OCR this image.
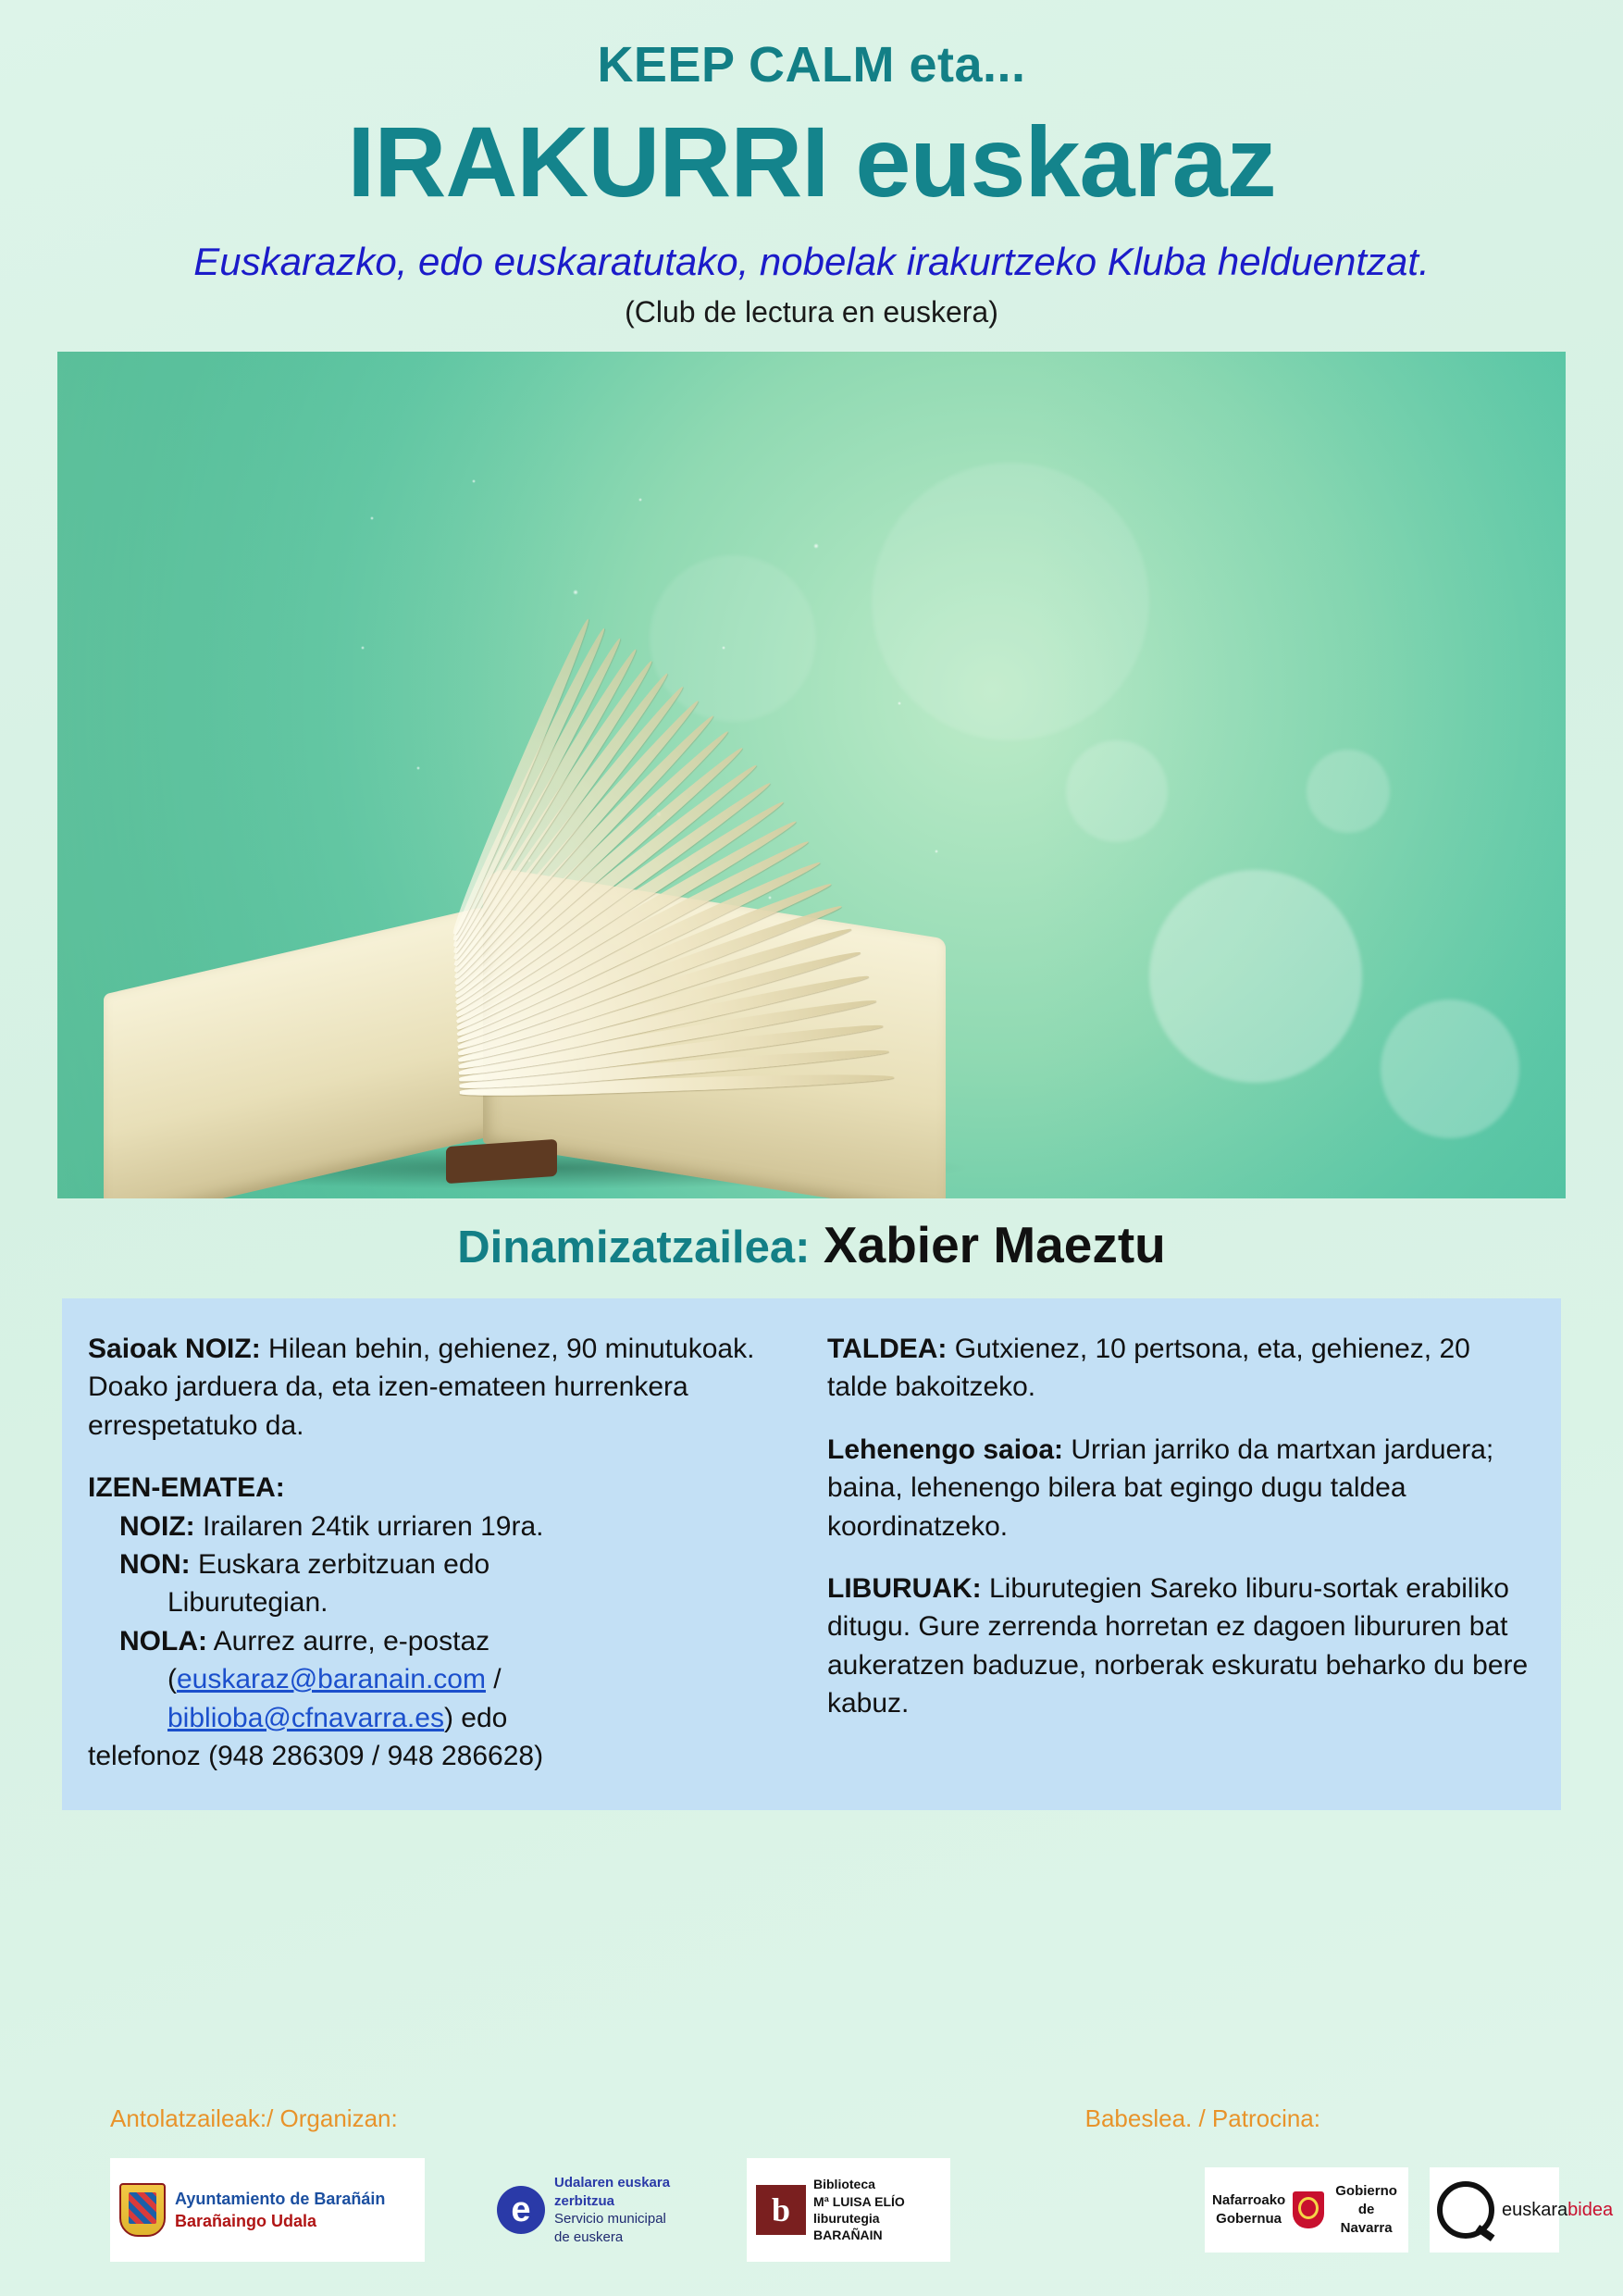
KEEP CALM eta...
IRAKURRI euskaraz
Euskarazko, edo euskaratutako, nobelak irakurtzeko Kluba helduentzat.
(Club de lectura en euskera)
Dinamizatzailea: Xabier Maeztu

Saioak NOIZ: Hilean behin, gehienez, 90 minutukoak. Doako jarduera da, eta izen-emateen hurrenkera errespetatuko da.

IZEN-EMATEA:
NOIZ: Irailaren 24tik urriaren 19ra.
NON: Euskara zerbitzuan edo
Liburutegian.
NOLA: Aurrez aurre, e-postaz
(euskaraz@baranain.com /
biblioba@cfnavarra.es) edo
telefonoz (948 286309 / 948 286628)

TALDEA: Gutxienez, 10 pertsona, eta, gehienez, 20 talde bakoitzeko.

Lehenengo saioa: Urrian jarriko da martxan jarduera; baina, lehenengo bilera bat egingo dugu taldea koordinatzeko.

LIBURUAK: Liburutegien Sareko liburu-sortak erabiliko ditugu. Gure zerrenda horretan ez dagoen libururen bat aukeratzen baduzue, norberak eskuratu beharko du bere kabuz.

Antolatzaileak:/ Organizan:	Babeslea. / Patrocina:
Ayuntamiento de Barañáin
Barañaingo Udala	e
Udalaren euskara
zerbitzua
Servicio municipal
de euskera
b
Biblioteca
Mª LUISA ELÍO
liburutegia
BARAÑAIN
Nafarroako
Gobernua
Gobierno
de Navarra
euskarabidea
